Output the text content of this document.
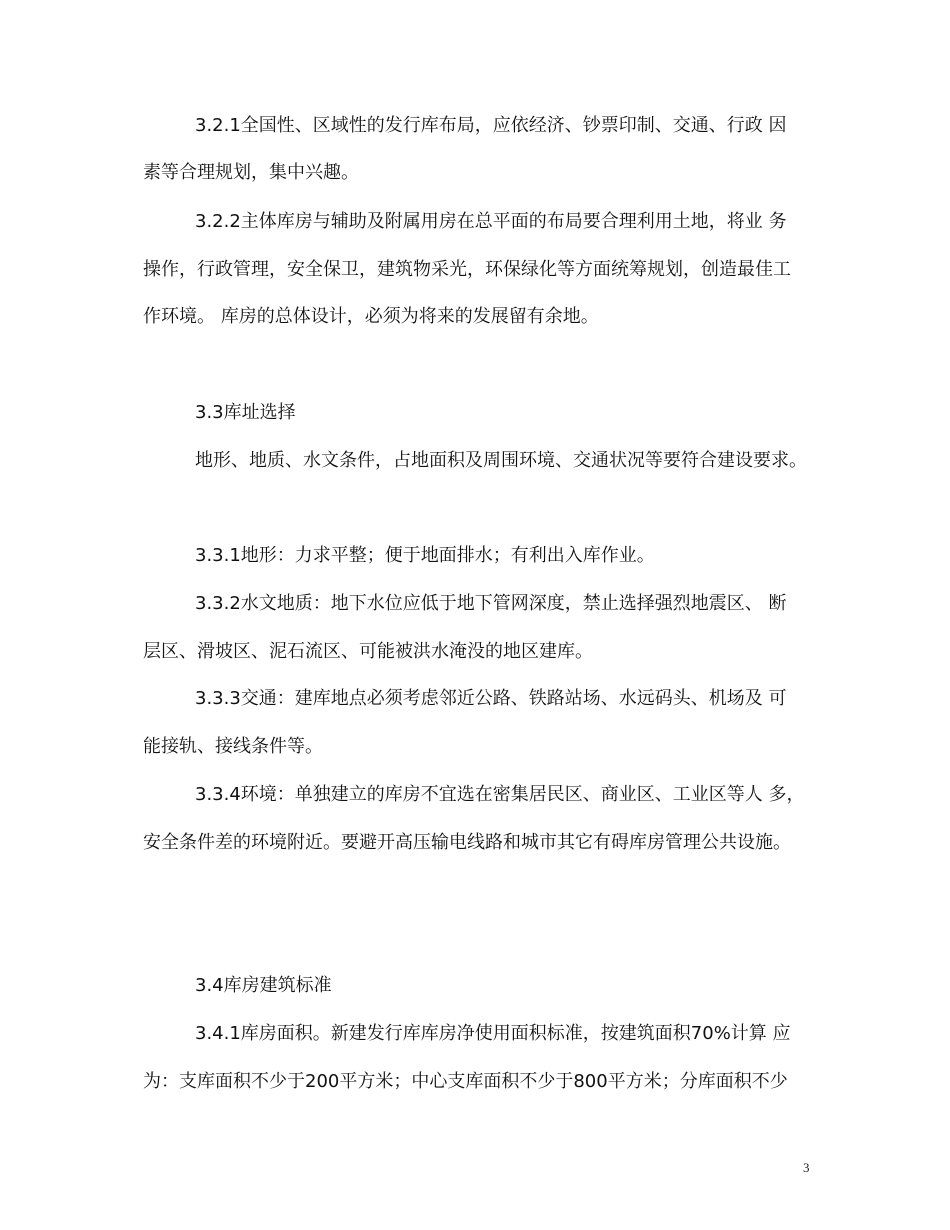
3.2.1全国性、区域性的发行库布局，应依经济、钞票印制、交通、行政 因
素等合理规划，集中兴趣。
3.2.2主体库房与辅助及附属用房在总平面的布局要合理利用土地，将业 务
操作，行政管理，安全保卫，建筑物采光，环保绿化等方面统筹规划，创造最佳工
作环境。 库房的总体设计，必须为将来的发展留有余地。
3.3库址选择
地形、地质、水文条件，占地面积及周围环境、交通状况等要符合建设要求。
3.3.1地形：力求平整；便于地面排水；有利出入库作业。
3.3.2水文地质：地下水位应低于地下管网深度，禁止选择强烈地震区、 断
层区、滑坡区、泥石流区、可能被洪水淹没的地区建库。
3.3.3交通：建库地点必须考虑邻近公路、铁路站场、水远码头、机场及 可
能接轨、接线条件等。
3.3.4环境：单独建立的库房不宜选在密集居民区、商业区、工业区等人 多，
安全条件差的环境附近。要避开高压输电线路和城市其它有碍库房管理公共设施。
3.4库房建筑标准
3.4.1库房面积。新建发行库库房净使用面积标准，按建筑面积70%计算 应
为：支库面积不少于200平方米；中心支库面积不少于800平方米；分库面积不少
3
